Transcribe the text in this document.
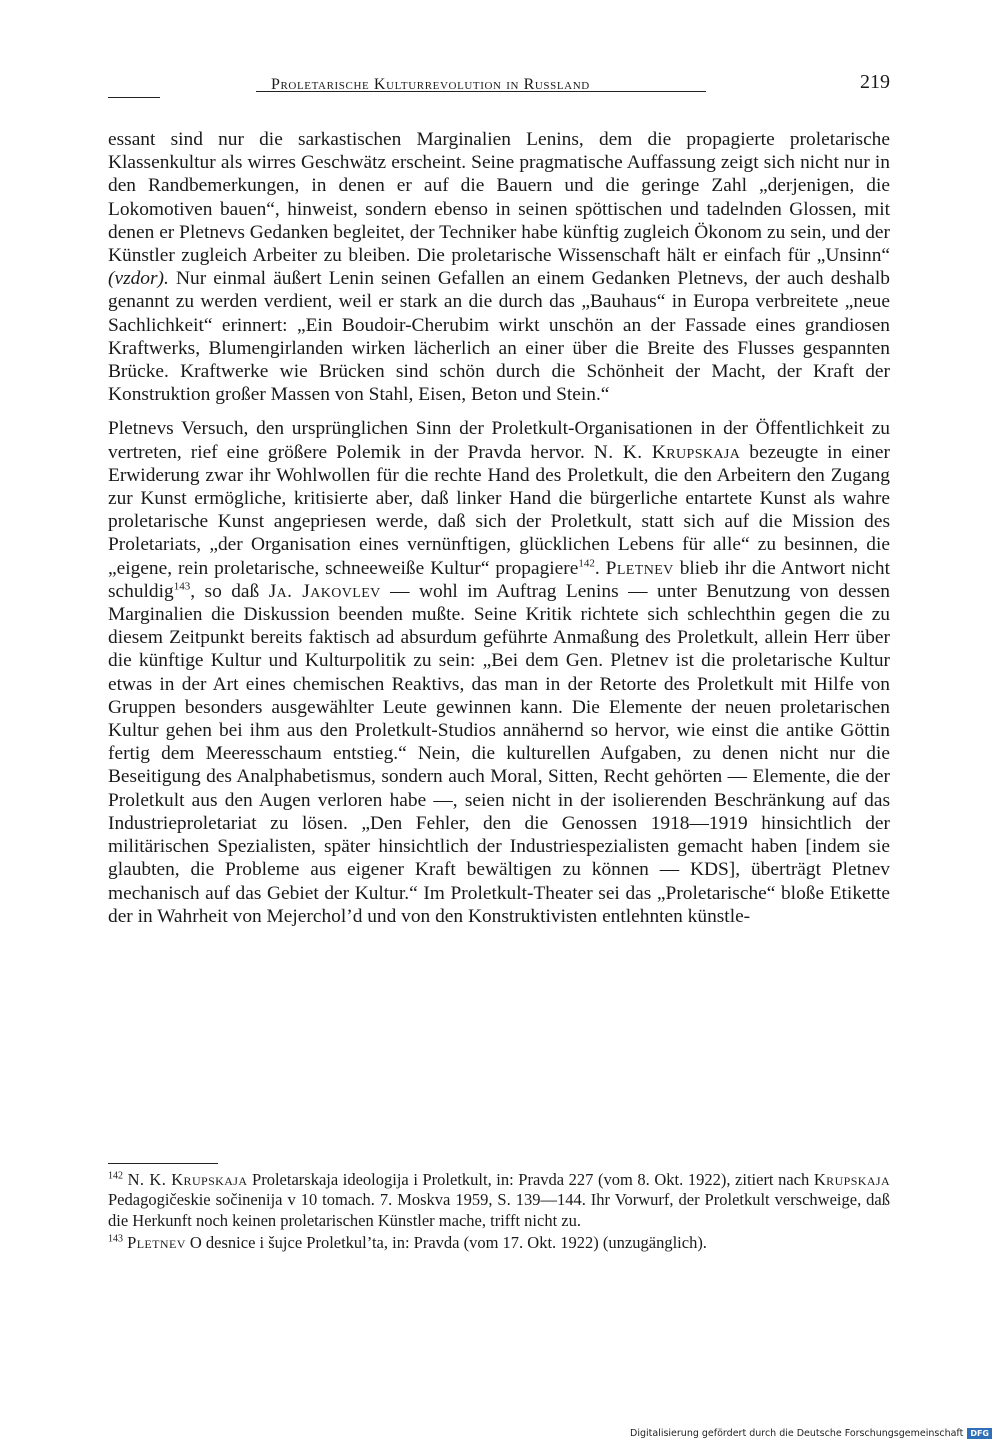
Proletarische Kulturrevolution in Russland	219

essant sind nur die sarkastischen Marginalien Lenins, dem die propagierte proletarische Klassenkultur als wirres Geschwätz erscheint. Seine pragmatische Auffassung zeigt sich nicht nur in den Randbemerkungen, in denen er auf die Bauern und die geringe Zahl „derjenigen, die Lokomotiven bauen“, hinweist, sondern ebenso in seinen spöttischen und tadelnden Glossen, mit denen er Pletnevs Gedanken begleitet, der Techniker habe künftig zugleich Ökonom zu sein, und der Künstler zugleich Arbeiter zu bleiben. Die proletarische Wissenschaft hält er einfach für „Unsinn“ (vzdor). Nur einmal äußert Lenin seinen Gefallen an einem Gedanken Pletnevs, der auch deshalb genannt zu werden verdient, weil er stark an die durch das „Bauhaus“ in Europa verbreitete „neue Sachlichkeit“ erinnert: „Ein Boudoir-Cherubim wirkt unschön an der Fassade eines grandiosen Kraftwerks, Blumengirlanden wirken lächerlich an einer über die Breite des Flusses gespannten Brücke. Kraftwerke wie Brücken sind schön durch die Schönheit der Macht, der Kraft der Konstruktion großer Massen von Stahl, Eisen, Beton und Stein.“

Pletnevs Versuch, den ursprünglichen Sinn der Proletkult-Organisationen in der Öffentlichkeit zu vertreten, rief eine größere Polemik in der Pravda hervor. N. K. Krupskaja bezeugte in einer Erwiderung zwar ihr Wohlwollen für die rechte Hand des Proletkult, die den Arbeitern den Zugang zur Kunst ermögliche, kritisierte aber, daß linker Hand die bürgerliche entartete Kunst als wahre proletarische Kunst angepriesen werde, daß sich der Proletkult, statt sich auf die Mission des Proletariats, „der Organisation eines vernünftigen, glücklichen Lebens für alle“ zu besinnen, die „eigene, rein proletarische, schneeweiße Kultur“ propagiere$^{142}$. Pletnev blieb ihr die Antwort nicht schuldig$^{143}$, so daß Ja. Jakovlev — wohl im Auftrag Lenins — unter Benutzung von dessen Marginalien die Diskussion beenden mußte. Seine Kritik richtete sich schlechthin gegen die zu diesem Zeitpunkt bereits faktisch ad absurdum geführte Anmaßung des Proletkult, allein Herr über die künftige Kultur und Kulturpolitik zu sein: „Bei dem Gen. Pletnev ist die proletarische Kultur etwas in der Art eines chemischen Reaktivs, das man in der Retorte des Proletkult mit Hilfe von Gruppen besonders ausgewählter Leute gewinnen kann. Die Elemente der neuen proletarischen Kultur gehen bei ihm aus den Proletkult-Studios annähernd so hervor, wie einst die antike Göttin fertig dem Meeresschaum entstieg.“ Nein, die kulturellen Aufgaben, zu denen nicht nur die Beseitigung des Analphabetismus, sondern auch Moral, Sitten, Recht gehörten — Elemente, die der Proletkult aus den Augen verloren habe —, seien nicht in der isolierenden Beschränkung auf das Industrieproletariat zu lösen. „Den Fehler, den die Genossen 1918—1919 hinsichtlich der militärischen Spezialisten, später hinsichtlich der Industriespezialisten gemacht haben [indem sie glaubten, die Probleme aus eigener Kraft bewältigen zu können — KDS], überträgt Pletnev mechanisch auf das Gebiet der Kultur.“ Im Proletkult-Theater sei das „Proletarische“ bloße Etikette der in Wahrheit von Mejerchol’d und von den Konstruktivisten entlehnten künstle-

$^{142}$ N. K. Krupskaja Proletarskaja ideologija i Proletkult, in: Pravda 227 (vom 8. Okt. 1922), zitiert nach Krupskaja Pedagogičeskie sočinenija v 10 tomach. 7. Moskva 1959, S. 139—144. Ihr Vorwurf, der Proletkult verschweige, daß die Herkunft noch keinen proletarischen Künstler mache, trifft nicht zu.

$^{143}$ Pletnev O desnice i šujce Proletkul’ta, in: Pravda (vom 17. Okt. 1922) (unzugänglich).

Digitalisierung gefördert durch die Deutsche Forschungsgemeinschaft DFG
